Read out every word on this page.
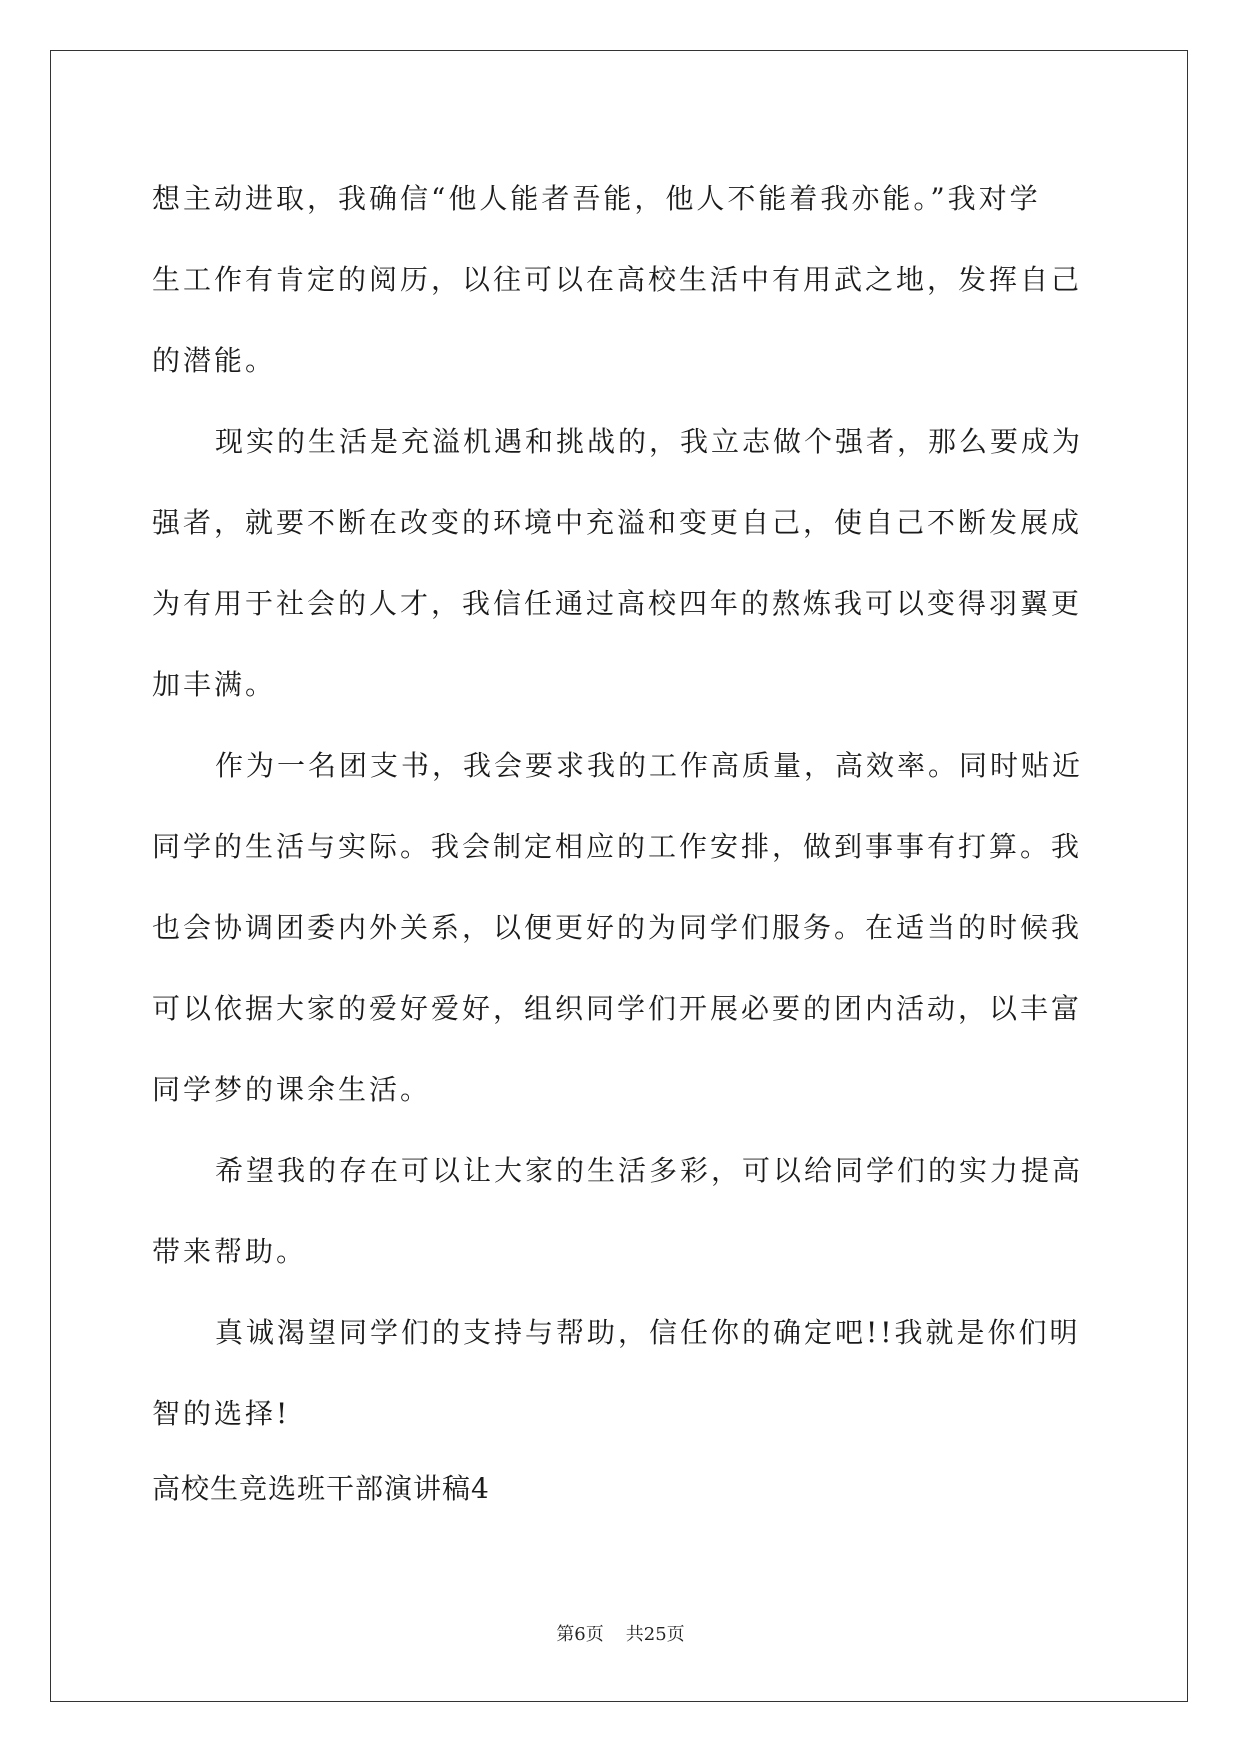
想主动进取，我确信“他人能者吾能，他人不能着我亦能。”我对学
生工作有肯定的阅历，以往可以在高校生活中有用武之地，发挥自己
的潜能。
现实的生活是充溢机遇和挑战的，我立志做个强者，那么要成为
强者，就要不断在改变的环境中充溢和变更自己，使自己不断发展成
为有用于社会的人才，我信任通过高校四年的熬炼我可以变得羽翼更
加丰满。
作为一名团支书，我会要求我的工作高质量，高效率。同时贴近
同学的生活与实际。我会制定相应的工作安排，做到事事有打算。我
也会协调团委内外关系，以便更好的为同学们服务。在适当的时候我
可以依据大家的爱好爱好，组织同学们开展必要的团内活动，以丰富
同学梦的课余生活。
希望我的存在可以让大家的生活多彩，可以给同学们的实力提高
带来帮助。
真诚渴望同学们的支持与帮助，信任你的确定吧!!我就是你们明
智的选择!
高校生竞选班干部演讲稿4
第6页 共25页
